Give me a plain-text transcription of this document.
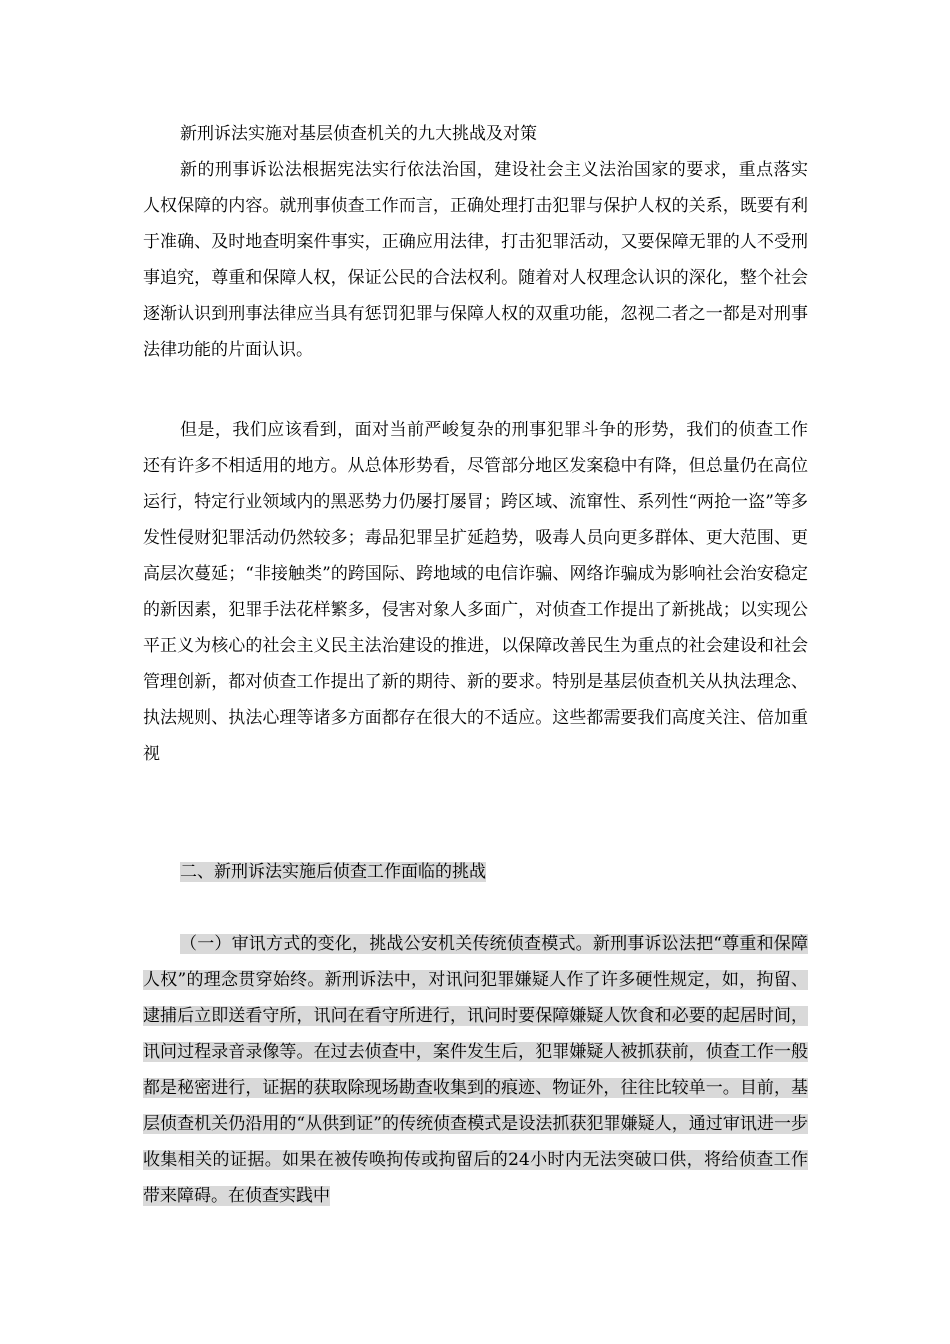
新刑诉法实施对基层侦查机关的九大挑战及对策

新的刑事诉讼法根据宪法实行依法治国，建设社会主义法治国家的要求，重点落实人权保障的内容。就刑事侦查工作而言，正确处理打击犯罪与保护人权的关系，既要有利于准确、及时地查明案件事实，正确应用法律，打击犯罪活动，又要保障无罪的人不受刑事追究，尊重和保障人权，保证公民的合法权利。随着对人权理念认识的深化，整个社会逐渐认识到刑事法律应当具有惩罚犯罪与保障人权的双重功能，忽视二者之一都是对刑事法律功能的片面认识。

但是，我们应该看到，面对当前严峻复杂的刑事犯罪斗争的形势，我们的侦查工作还有许多不相适用的地方。从总体形势看，尽管部分地区发案稳中有降，但总量仍在高位运行，特定行业领域内的黑恶势力仍屡打屡冒；跨区域、流窜性、系列性“两抢一盗”等多发性侵财犯罪活动仍然较多；毒品犯罪呈扩延趋势，吸毒人员向更多群体、更大范围、更高层次蔓延；“非接触类”的跨国际、跨地域的电信诈骗、网络诈骗成为影响社会治安稳定的新因素，犯罪手法花样繁多，侵害对象人多面广，对侦查工作提出了新挑战；以实现公平正义为核心的社会主义民主法治建设的推进，以保障改善民生为重点的社会建设和社会管理创新，都对侦查工作提出了新的期待、新的要求。特别是基层侦查机关从执法理念、执法规则、执法心理等诸多方面都存在很大的不适应。这些都需要我们高度关注、倍加重视

二、新刑诉法实施后侦查工作面临的挑战

（一）审讯方式的变化，挑战公安机关传统侦查模式。新刑事诉讼法把“尊重和保障人权”的理念贯穿始终。新刑诉法中，对讯问犯罪嫌疑人作了许多硬性规定，如，拘留、逮捕后立即送看守所，讯问在看守所进行，讯问时要保障嫌疑人饮食和必要的起居时间，讯问过程录音录像等。在过去侦查中，案件发生后，犯罪嫌疑人被抓获前，侦查工作一般都是秘密进行，证据的获取除现场勘查收集到的痕迹、物证外，往往比较单一。目前，基层侦查机关仍沿用的“从供到证”的传统侦查模式是设法抓获犯罪嫌疑人，通过审讯进一步收集相关的证据。如果在被传唤拘传或拘留后的24小时内无法突破口供，将给侦查工作带来障碍。在侦查实践中
